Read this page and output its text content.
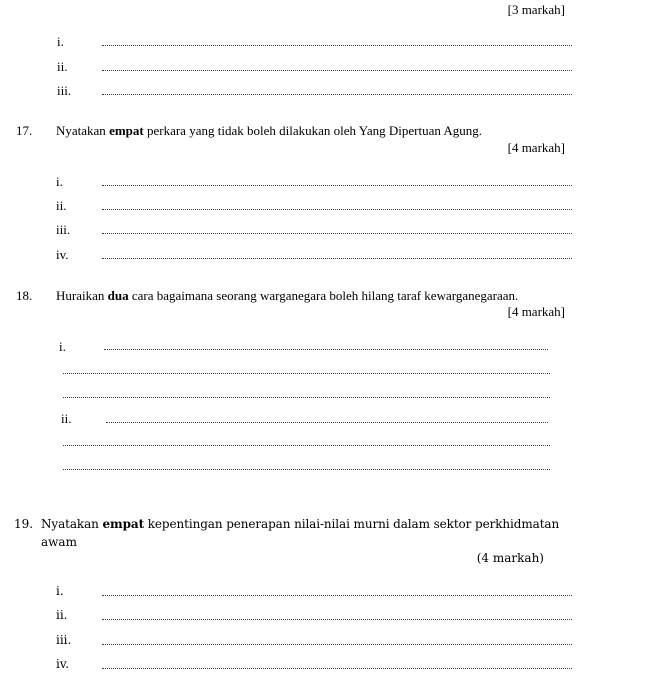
[3 markah]
i.
ii.
iii.
17. Nyatakan empat perkara yang tidak boleh dilakukan oleh Yang Dipertuan Agung.
[4 markah]
i.
ii.
iii.
iv.
18. Huraikan dua cara bagaimana seorang warganegara boleh hilang taraf kewarganegaraan.
[4 markah]
i.
ii.
19. Nyatakan empat kepentingan penerapan nilai-nilai murni dalam sektor perkhidmatan
awam
(4 markah)
i.
ii.
iii.
iv.
